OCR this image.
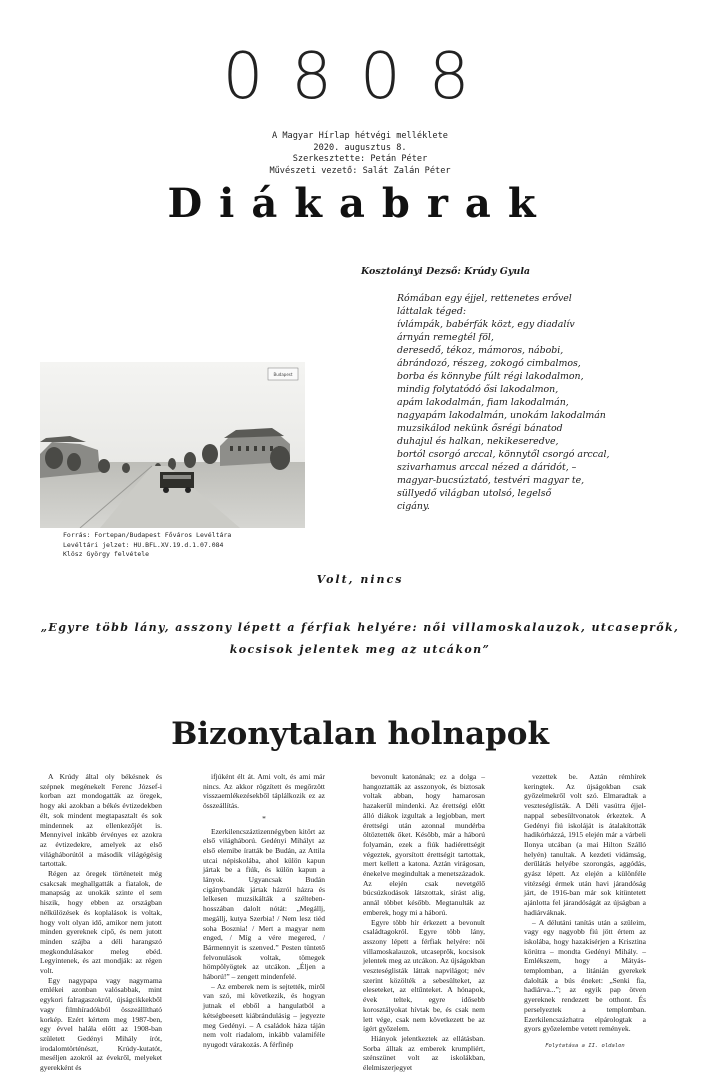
0808
A Magyar Hírlap hétvégi melléklete
2020. augusztus 8.
Szerkesztette: Petán Péter
Művészeti vezető: Salát Zalán Péter
Diákabrak
Kosztolányi Dezső: Krúdy Gyula
Rómában egy éjjel, rettenetes erővel
láttalak téged:
ívlámpák, babérfák közt, egy diadalív
árnyán remegtél föl,
deresedő, tékoz, mámoros, nábobi,
ábrándozó, részeg, zokogó cimbalmos,
borba és könnybe fúlt régi lakodalmon,
mindig folytatódó ősi lakodalmon,
apám lakodalmán, fiam lakodalmán,
nagyapám lakodalmán, unokám lakodalmán
muzsikálod nekünk ősrégi bánatod
duhajul és halkan, nekikeseredve,
bortól csorgó arccal, könnytől csorgó arccal,
szivarhamus arccal nézed a dáridót, –
magyar-bucsúztató, testvéri magyar te,
süllyedő világban utolsó, legelső
cigány.
Budapest
Forrás: Fortepan/Budapest Főváros Levéltára
Levéltári jelzet: HU.BFL.XV.19.d.1.07.084
Klösz György felvétele
Volt, nincs
„Egyre több lány, asszony lépett a férfiak helyére: női villamoskalauzok, utcaseprők, kocsisok jelentek meg az utcákon”
Bizonytalan holnapok

A Krúdy által oly békésnek és szépnek megénekelt Ferenc József-i korban azt mondogatták az öregek, hogy aki azokban a békés évtizedekben élt, sok mindent megtapasztalt és sok mindennek az ellenkezőjét is. Mennyivel inkább érvényes ez azokra az évtizedekre, amelyek az első világháborútól a második világégésig tartottak.

Régen az öregek történeteit még csakcsak meghallgatták a fiatalok, de manapság az unokák szinte el sem hiszik, hogy ebben az országban nélkülözések és koplalások is voltak, hogy volt olyan idő, amikor nem jutott minden gyereknek cipő, és nem jutott minden szájba a déli harangszó megkondulásakor meleg ebéd. Legyintenek, és azt mondják: az régen volt.

Egy nagypapa vagy nagymama emlékei azonban valósabbak, mint egykori falragaszokról, újságcikkekből vagy filmhíradókból összeállítható korkép. Ezért kértem meg 1987-ben, egy évvel halála előtt az 1908-ban született Gedényi Mihály írót, irodalomtörténészt, Krúdy-kutatót, meséljen azokról az évekről, melyeket gyerekként és

ifjúként élt át. Ami volt, és ami már nincs. Az akkor rögzített és megőrzött visszaemlékezésekből táplálkozik ez az összeállítás.

*

Ezerkilencszáztizennégyben kitört az első világháború. Gedényi Mihályt az első elemibe íratták be Budán, az Attila utcai népiskolába, ahol külön kapun jártak be a fiúk, és külön kapun a lányok. Ugyancsak Budán cigánybandák jártak házról házra és lelkesen muzsikálták a szélteben-hosszában dalolt nótát: „Megállj, megállj, kutya Szerbia! / Nem lesz tiéd soha Bosznia! / Mert a magyar nem enged, / Míg a vére megered, / Bármennyit is szenved.” Pesten tüntető felvonulások voltak, tömegek hömpölyögtek az utcákon. „Éljen a háború!” – zengett mindenfelé.

– Az emberek nem is sejtették, miről van szó, mi következik, és hogyan jutnak el ebből a hangulatból a kétségbeesett kiábrándulásig – jegyezte meg Gedényi. – A családok háza táján nem volt riadalom, inkább valamiféle nyugodt várakozás. A férfinép

bevonult katonának; ez a dolga – hangoztatták az asszonyok, és biztosak voltak abban, hogy hamarosan hazakerül mindenki. Az érettségi előtt álló diákok izgultak a legjobban, mert érettségi után azonnal mundérba öltöztették őket. Később, már a háború folyamán, ezek a fiúk hadiérettségit végeztek, gyorsított érettségit tartottak, mert kellett a katona. Aztán virágosan, énekelve megindultak a menetszázadok. Az elején csak nevetgélő búcsúzkodások látszottak, sírást alig, annál többet később. Megtanulták az emberek, hogy mi a háború.

Egyre több hír érkezett a bevonult családtagokról. Egyre több lány, asszony lépett a férfiak helyére: női villamoskalauzok, utcaseprők, kocsisok jelentek meg az utcákon. Az újságokban veszteséglisták láttak napvilágot; név szerint közölték a sebesülteket, az eleseteket, az eltűnteket. A hónapok, évek teltek, egyre idősebb korosztályokat hívtak be, és csak nem lett vége, csak nem következett be az ígért győzelem.

Hiányok jelentkeztek az ellátásban. Sorba álltak az emberek krumpliért, szénszünet volt az iskolákban, élelmiszerjegyet

vezettek be. Aztán rémhírek keringtek. Az újságokban csak győzelmekről volt szó. Elmaradtak a veszteséglisták. A Déli vasútra éjjel-nappal sebesültvonatok érkeztek. A Gedényi fiú iskoláját is átalakították hadikórházzá, 1915 elején már a várbeli Ilonya utcában (a mai Hilton Szálló helyén) tanultak. A kezdeti vidámság, derűlátás helyébe szorongás, aggódás, gyász lépett. Az elején a különféle vitézségi érmek után havi járandóság járt, de 1916-ban már sok kitüntetett ajánlotta fel járandóságát az újságban a hadiárváknak.

– A délutáni tanítás után a szüleim, vagy egy nagyobb fiú jött értem az iskolába, hogy hazakísérjen a Krisztina körútra – mondta Gedényi Mihály. – Emlékszem, hogy a Mátyás-templomban, a litánián gyerekek dalolták a bús éneket: „Senki fia, hadiárva...”; az egyik pap ötven gyereknek rendezett be otthont. És perselyeztek a templomban. Ezerkilencszázhatra elpárologtak a gyors győzelembe vetett remények.

Folytatása a II. oldalon
